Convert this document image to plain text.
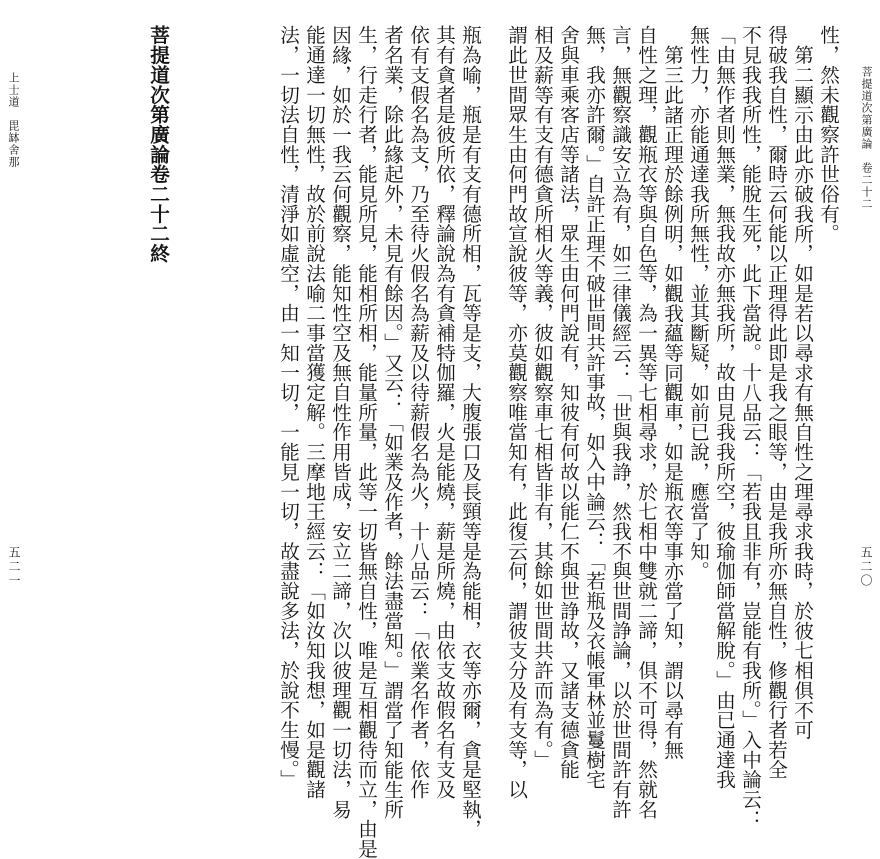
菩提道次第廣論　卷二十二
五二〇
性，然未觀察許世俗有。
第二顯示由此亦破我所，如是若以尋求有無自性之理尋求我時，於彼七相俱不可
得破我自性，爾時云何能以正理得此即是我之眼等，由是我所亦無自性，修觀行者若全
不見我我所性，能脫生死，此下當說。十八品云：「若我且非有，豈能有我所。」入中論云：
「由無作者則無業，無我故亦無我所，故由見我我所空，彼瑜伽師當解脫。」由已通達我
無性力，亦能通達我所無性，並其斷疑，如前已說，應當了知。
第三此諸正理於餘例明，如觀我蘊等同觀車，如是瓶衣等事亦當了知，謂以尋有無
自性之理，觀瓶衣等與自色等，為一異等七相尋求，於七相中雙就二諦，俱不可得，然就名
言，無觀察識安立為有，如三律儀經云：「世與我諍，然我不與世間諍論，以於世間許有許
無，我亦許爾。」自許正理不破世間共許事故，如入中論云：「若瓶及衣帳軍林並鬘樹宅
舍與車乘客店等諸法，眾生由何門說有，知彼有何故以能仁不與世諍故，又諸支德貪能
相及薪等有支有德貪所相火等義，彼如觀察車七相皆非有，其餘如世間共許而為有。」
謂此世間眾生由何門故宣說彼等，亦莫觀察唯當知有，此復云何，謂彼支分及有支等，以
瓶為喻，瓶是有支有德所相，瓦等是支，大腹張口及長頸等是為能相，衣等亦爾，貪是堅執，
其有貪者是彼所依，釋論說為有貪補特伽羅，火是能燒，薪是所燒，由依支故假名有支及
依有支假名為支，乃至待火假名為薪及以待薪假名為火，十八品云：「依業名作者，依作
者名業，除此緣起外，未見有餘因。」又云：「如業及作者，餘法盡當知。」謂當了知能生所
生，行走行者，能見所見，能相所相，能量所量，此等一切皆無自性，唯是互相觀待而立，由是
因緣，如於一我云何觀察，能知性空及無自性作用皆成，安立二諦，次以彼理觀一切法，易
能通達一切無性，故於前說法喻二事當獲定解。三摩地王經云：「如汝知我想，如是觀諸
法，一切法自性，清淨如虛空，由一知一切，一能見一切，故盡說多法，於說不生慢。」
菩提道次第廣論卷二十二終
上士道　毘缽舍那
五二一
